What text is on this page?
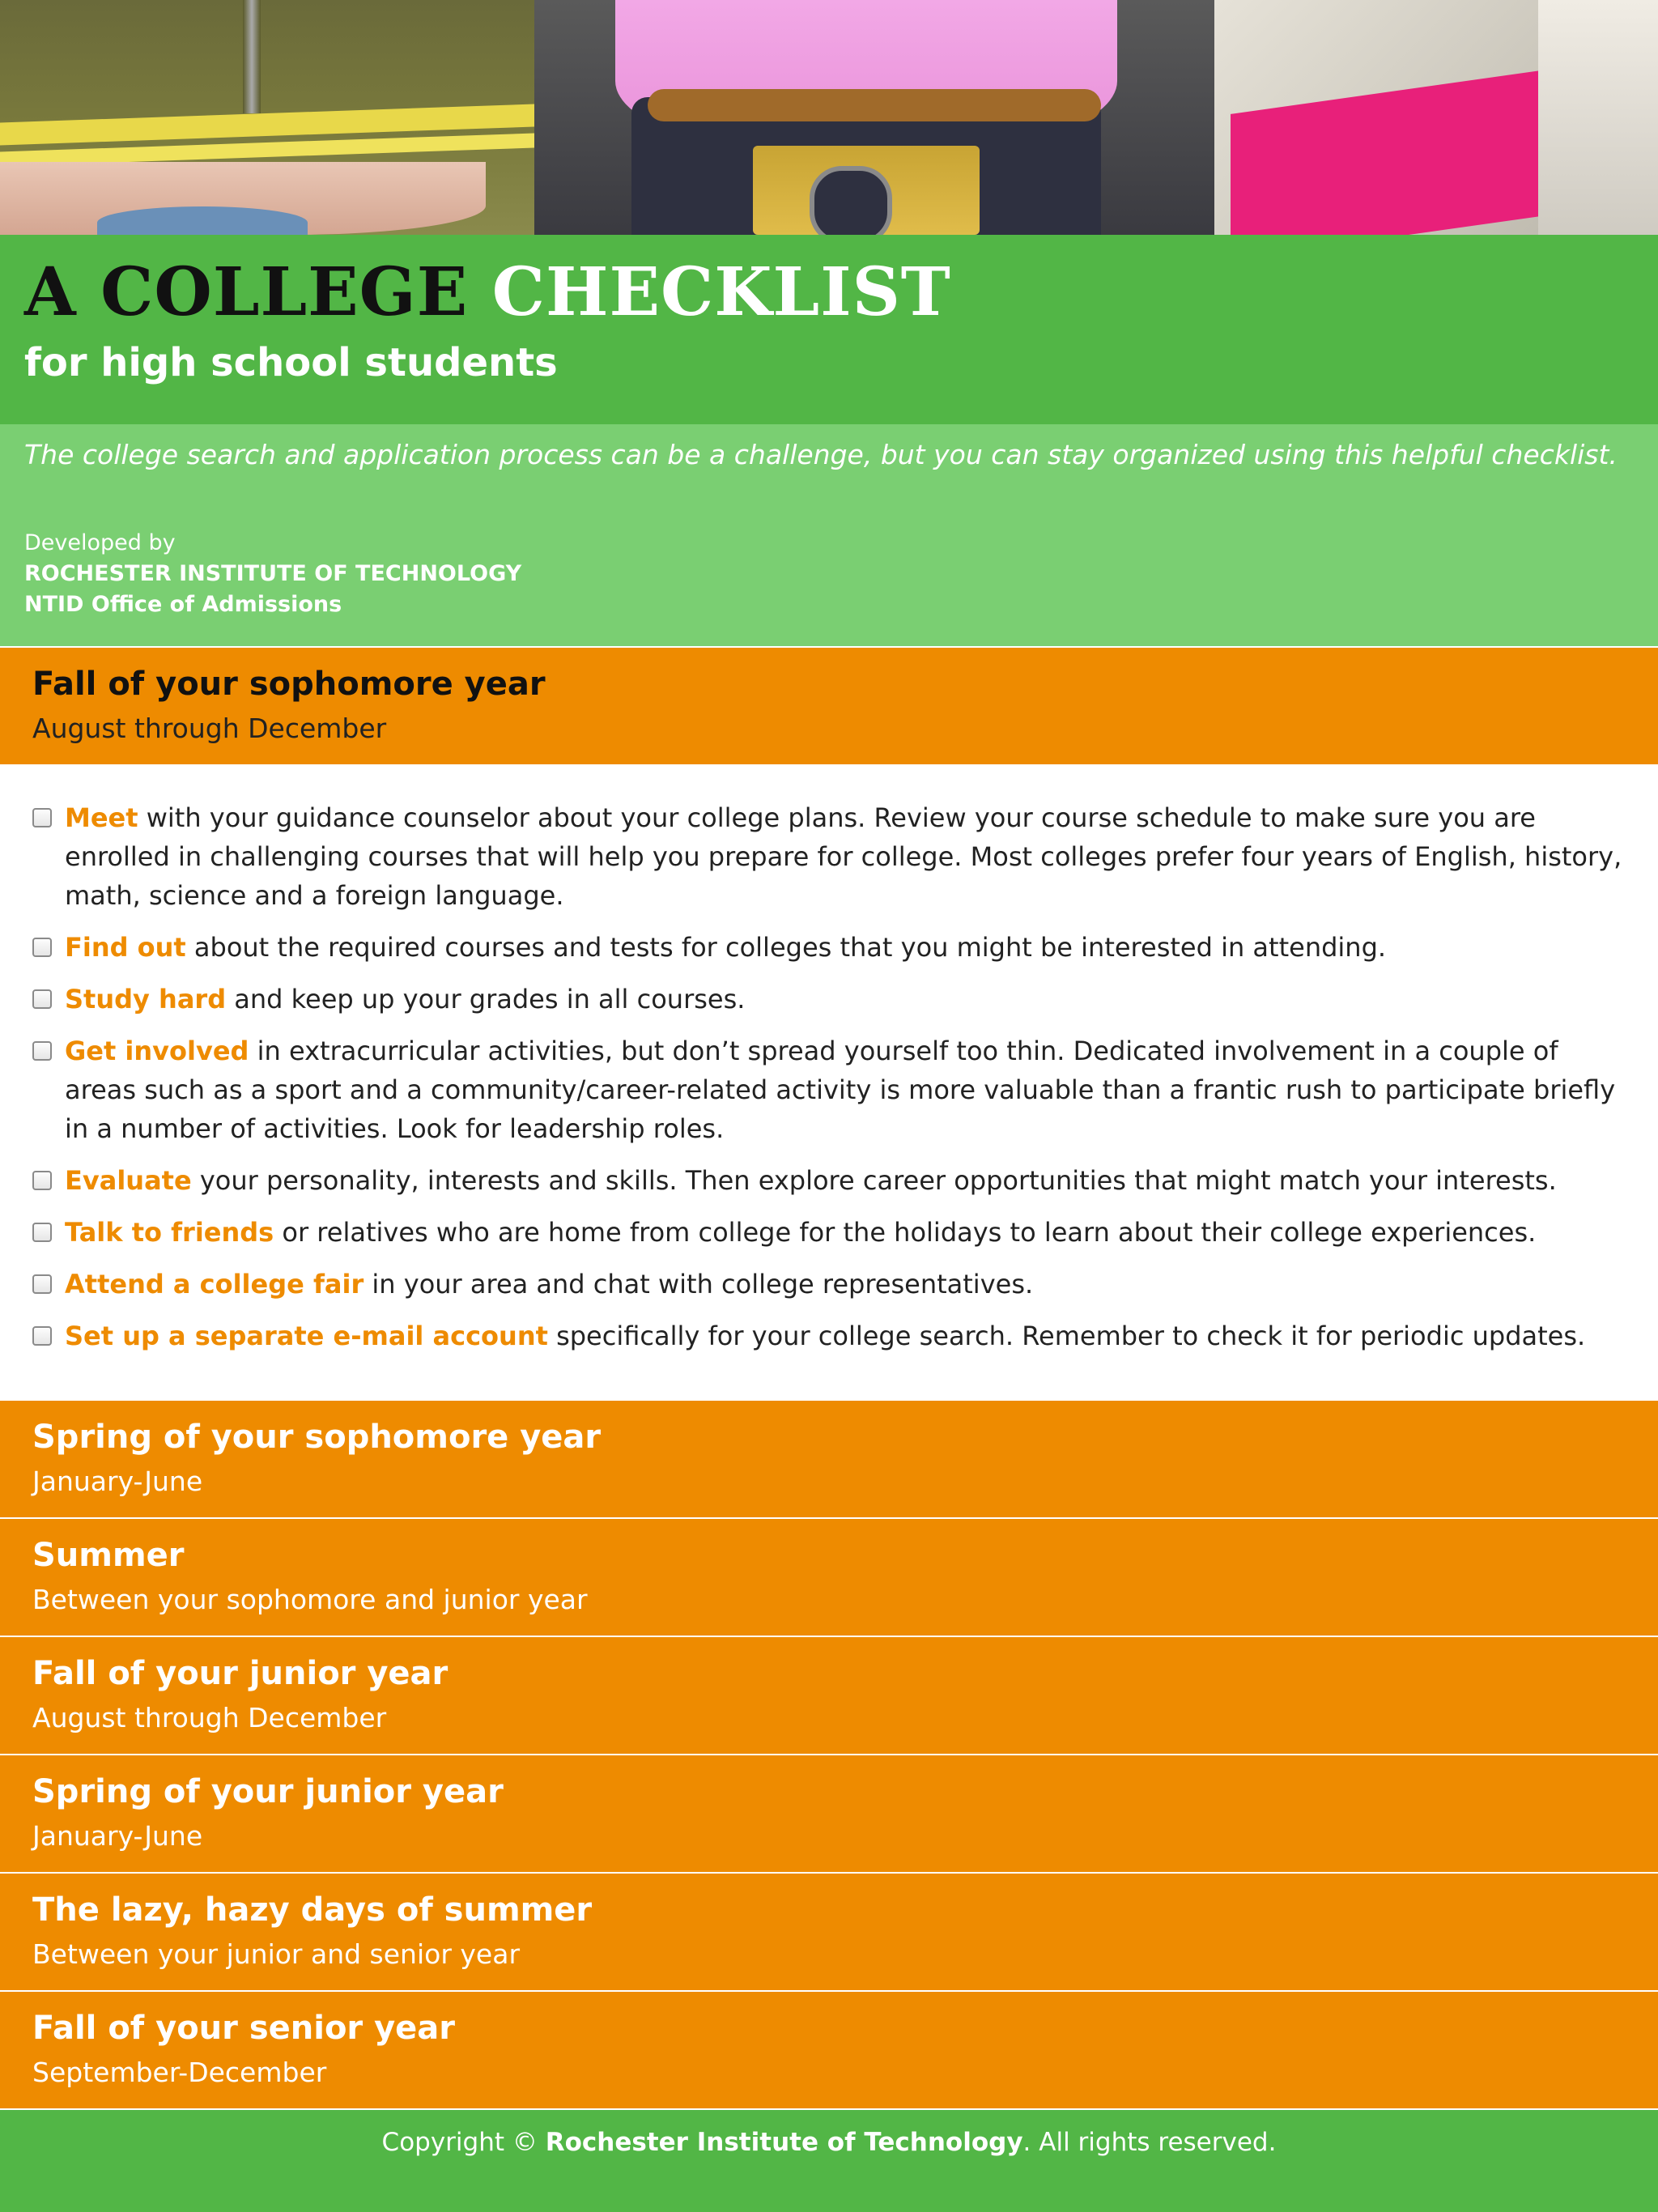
A COLLEGE CHECKLIST
for high school students

The college search and application process can be a challenge, but you can stay organized using this helpful checklist.

Developed by
ROCHESTER INSTITUTE OF TECHNOLOGY
NTID Office of Admissions
Fall of your sophomore year
August through December
Meet with your guidance counselor about your college plans. Review your course schedule to make sure you are enrolled in challenging courses that will help you prepare for college. Most colleges prefer four years of English, history, math, science and a foreign language.
Find out about the required courses and tests for colleges that you might be interested in attending.
Study hard and keep up your grades in all courses.
Get involved in extracurricular activities, but don’t spread yourself too thin. Dedicated involvement in a couple of areas such as a sport and a community/career-related activity is more valuable than a frantic rush to participate briefly in a number of activities. Look for leadership roles.
Evaluate your personality, interests and skills. Then explore career opportunities that might match your interests.
Talk to friends or relatives who are home from college for the holidays to learn about their college experiences.
Attend a college fair in your area and chat with college representatives.
Set up a separate e-mail account specifically for your college search. Remember to check it for periodic updates.
Spring of your sophomore year
January-June
Summer
Between your sophomore and junior year
Fall of your junior year
August through December
Spring of your junior year
January-June
The lazy, hazy days of summer
Between your junior and senior year
Fall of your senior year
September-December
Copyright © Rochester Institute of Technology. All rights reserved.
